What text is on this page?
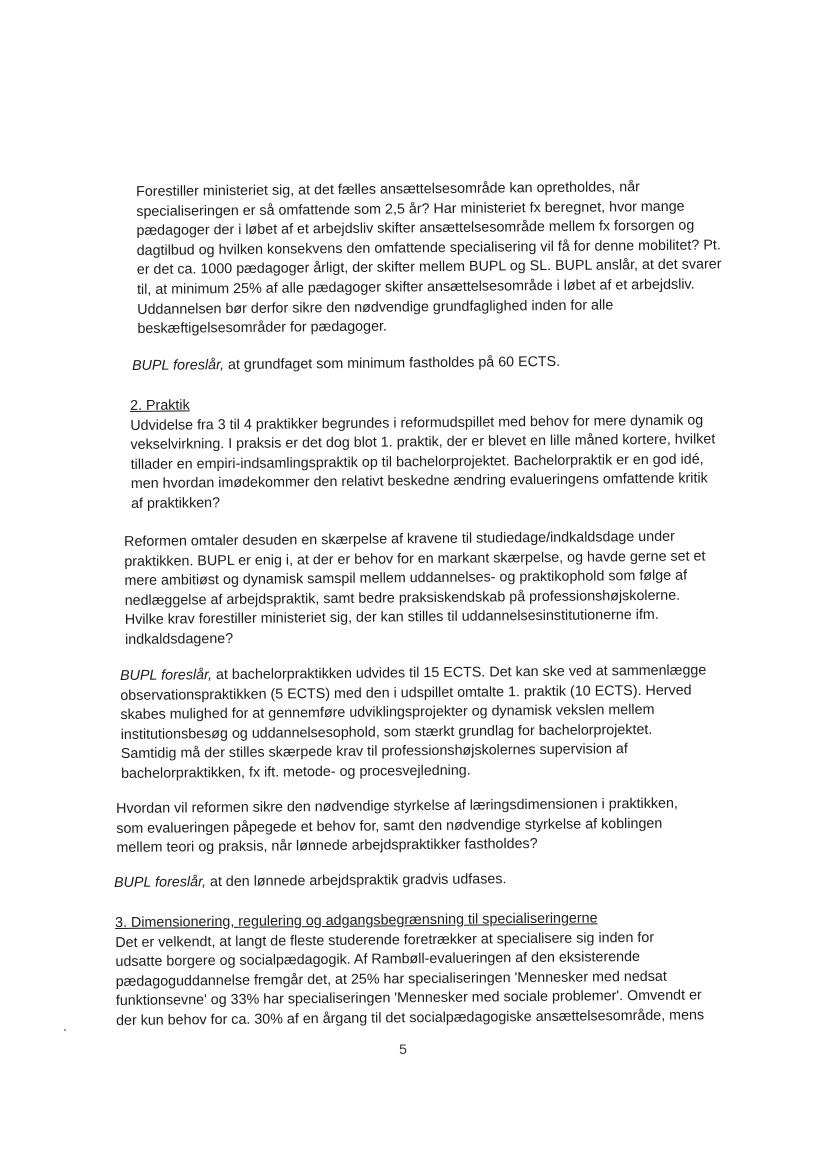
Forestiller ministeriet sig, at det fælles ansættelsesområde kan opretholdes, når
specialiseringen er så omfattende som 2,5 år? Har ministeriet fx beregnet, hvor mange
pædagoger der i løbet af et arbejdsliv skifter ansættelsesområde mellem fx forsorgen og
dagtilbud og hvilken konsekvens den omfattende specialisering vil få for denne mobilitet? Pt.
er det ca. 1000 pædagoger årligt, der skifter mellem BUPL og SL. BUPL anslår, at det svarer
til, at minimum 25% af alle pædagoger skifter ansættelsesområde i løbet af et arbejdsliv.
Uddannelsen bør derfor sikre den nødvendige grundfaglighed inden for alle
beskæftigelsesområder for pædagoger.
BUPL foreslår, at grundfaget som minimum fastholdes på 60 ECTS.
2. Praktik
Udvidelse fra 3 til 4 praktikker begrundes i reformudspillet med behov for mere dynamik og
vekselvirkning. I praksis er det dog blot 1. praktik, der er blevet en lille måned kortere, hvilket
tillader en empiri-indsamlingspraktik op til bachelorprojektet. Bachelorpraktik er en god idé,
men hvordan imødekommer den relativt beskedne ændring evalueringens omfattende kritik
af praktikken?
Reformen omtaler desuden en skærpelse af kravene til studiedage/indkaldsdage under
praktikken. BUPL er enig i, at der er behov for en markant skærpelse, og havde gerne set et
mere ambitiøst og dynamisk samspil mellem uddannelses- og praktikophold som følge af
nedlæggelse af arbejdspraktik, samt bedre praksiskendskab på professionshøjskolerne.
Hvilke krav forestiller ministeriet sig, der kan stilles til uddannelsesinstitutionerne ifm.
indkaldsdagene?
BUPL foreslår, at bachelorpraktikken udvides til 15 ECTS. Det kan ske ved at sammenlægge
observationspraktikken (5 ECTS) med den i udspillet omtalte 1. praktik (10 ECTS). Herved
skabes mulighed for at gennemføre udviklingsprojekter og dynamisk vekslen mellem
institutionsbesøg og uddannelsesophold, som stærkt grundlag for bachelorprojektet.
Samtidig må der stilles skærpede krav til professionshøjskolernes supervision af
bachelorpraktikken, fx ift. metode- og procesvejledning.
Hvordan vil reformen sikre den nødvendige styrkelse af læringsdimensionen i praktikken,
som evalueringen påpegede et behov for, samt den nødvendige styrkelse af koblingen
mellem teori og praksis, når lønnede arbejdspraktikker fastholdes?
BUPL foreslår, at den lønnede arbejdspraktik gradvis udfases.
3. Dimensionering, regulering og adgangsbegrænsning til specialiseringerne
Det er velkendt, at langt de fleste studerende foretrækker at specialisere sig inden for
udsatte borgere og socialpædagogik. Af Rambøll-evalueringen af den eksisterende
pædagoguddannelse fremgår det, at 25% har specialiseringen 'Mennesker med nedsat
funktionsevne' og 33% har specialiseringen 'Mennesker med sociale problemer'. Omvendt er
der kun behov for ca. 30% af en årgang til det socialpædagogiske ansættelsesområde, mens
5
